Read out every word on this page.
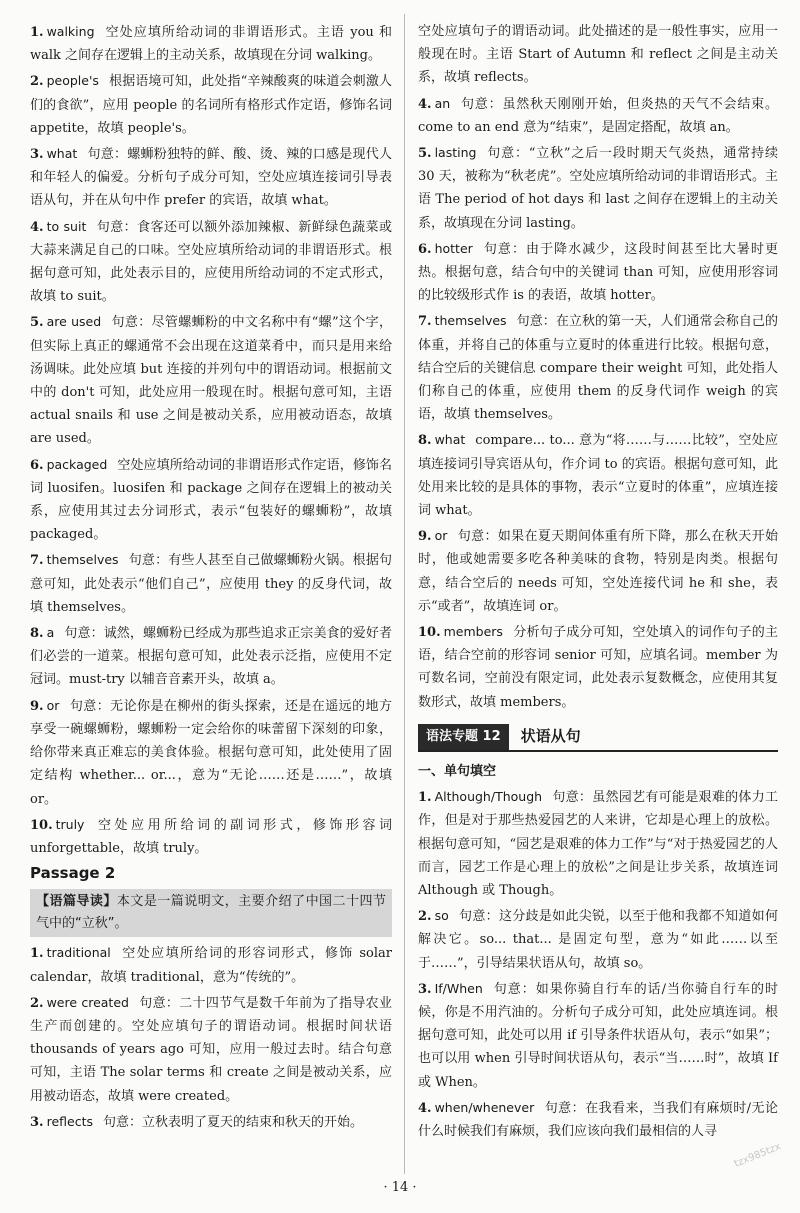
1. walking 空处应填所给动词的非谓语形式。主语 you 和 walk 之间存在逻辑上的主动关系，故填现在分词 walking。
2. people's 根据语境可知，此处指“辛辣酸爽的味道会刺激人们的食欲”，应用 people 的名词所有格形式作定语，修饰名词 appetite，故填 people's。
3. what 句意：螺蛳粉独特的鲜、酸、烫、辣的口感是现代人和年轻人的偏爱。分析句子成分可知，空处应填连接词引导表语从句，并在从句中作 prefer 的宾语，故填 what。
4. to suit 句意：食客还可以额外添加辣椒、新鲜绿色蔬菜或大蒜来满足自己的口味。空处应填所给动词的非谓语形式。根据句意可知，此处表示目的，应使用所给动词的不定式形式，故填 to suit。
5. are used 句意：尽管螺蛳粉的中文名称中有“螺”这个字，但实际上真正的螺通常不会出现在这道菜肴中，而只是用来给汤调味。此处应填 but 连接的并列句中的谓语动词。根据前文中的 don't 可知，此处应用一般现在时。根据句意可知，主语 actual snails 和 use 之间是被动关系，应用被动语态，故填 are used。
6. packaged 空处应填所给动词的非谓语形式作定语，修饰名词 luosifen。luosifen 和 package 之间存在逻辑上的被动关系，应使用其过去分词形式，表示“包装好的螺蛳粉”，故填 packaged。
7. themselves 句意：有些人甚至自己做螺蛳粉火锅。根据句意可知，此处表示“他们自己”，应使用 they 的反身代词，故填 themselves。
8. a 句意：诚然，螺蛳粉已经成为那些追求正宗美食的爱好者们必尝的一道菜。根据句意可知，此处表示泛指，应使用不定冠词。must-try 以辅音音素开头，故填 a。
9. or 句意：无论你是在柳州的街头探索，还是在遥远的地方享受一碗螺蛳粉，螺蛳粉一定会给你的味蕾留下深刻的印象，给你带来真正难忘的美食体验。根据句意可知，此处使用了固定结构 whether... or...，意为“无论……还是……”，故填 or。
10. truly 空处应用所给词的副词形式，修饰形容词 unforgettable，故填 truly。
Passage 2
【语篇导读】本文是一篇说明文，主要介绍了中国二十四节气中的“立秋”。
1. traditional 空处应填所给词的形容词形式，修饰 solar calendar，故填 traditional，意为“传统的”。
2. were created 句意：二十四节气是数千年前为了指导农业生产而创建的。空处应填句子的谓语动词。根据时间状语 thousands of years ago 可知，应用一般过去时。结合句意可知，主语 The solar terms 和 create 之间是被动关系，应用被动语态，故填 were created。
3. reflects 句意：立秋表明了夏天的结束和秋天的开始。
空处应填句子的谓语动词。此处描述的是一般性事实，应用一般现在时。主语 Start of Autumn 和 reflect 之间是主动关系，故填 reflects。
4. an 句意：虽然秋天刚刚开始，但炎热的天气不会结束。come to an end 意为“结束”，是固定搭配，故填 an。
5. lasting 句意：“立秋”之后一段时期天气炎热，通常持续 30 天，被称为“秋老虎”。空处应填所给动词的非谓语形式。主语 The period of hot days 和 last 之间存在逻辑上的主动关系，故填现在分词 lasting。
6. hotter 句意：由于降水减少，这段时间甚至比大暑时更热。根据句意，结合句中的关键词 than 可知，应使用形容词的比较级形式作 is 的表语，故填 hotter。
7. themselves 句意：在立秋的第一天，人们通常会称自己的体重，并将自己的体重与立夏时的体重进行比较。根据句意，结合空后的关键信息 compare their weight 可知，此处指人们称自己的体重，应使用 them 的反身代词作 weigh 的宾语，故填 themselves。
8. what compare... to... 意为“将……与……比较”，空处应填连接词引导宾语从句，作介词 to 的宾语。根据句意可知，此处用来比较的是具体的事物，表示“立夏时的体重”，应填连接词 what。
9. or 句意：如果在夏天期间体重有所下降，那么在秋天开始时，他或她需要多吃各种美味的食物，特别是肉类。根据句意，结合空后的 needs 可知，空处连接代词 he 和 she，表示“或者”，故填连词 or。
10. members 分析句子成分可知，空处填入的词作句子的主语，结合空前的形容词 senior 可知，应填名词。member 为可数名词，空前没有限定词，此处表示复数概念，应使用其复数形式，故填 members。
语法专题 12	状语从句
一、单句填空
1. Although/Though 句意：虽然园艺有可能是艰难的体力工作，但是对于那些热爱园艺的人来讲，它却是心理上的放松。根据句意可知，“园艺是艰难的体力工作”与“对于热爱园艺的人而言，园艺工作是心理上的放松”之间是让步关系，故填连词 Although 或 Though。
2. so 句意：这分歧是如此尖锐，以至于他和我都不知道如何解决它。so... that... 是固定句型，意为“如此……以至于……”，引导结果状语从句，故填 so。
3. If/When 句意：如果你骑自行车的话/当你骑自行车的时候，你是不用汽油的。分析句子成分可知，此处应填连词。根据句意可知，此处可以用 if 引导条件状语从句，表示“如果”；也可以用 when 引导时间状语从句，表示“当……时”，故填 If 或 When。
4. when/whenever 句意：在我看来，当我们有麻烦时/无论什么时候我们有麻烦，我们应该向我们最相信的人寻
· 14 ·
tzx985tzx
